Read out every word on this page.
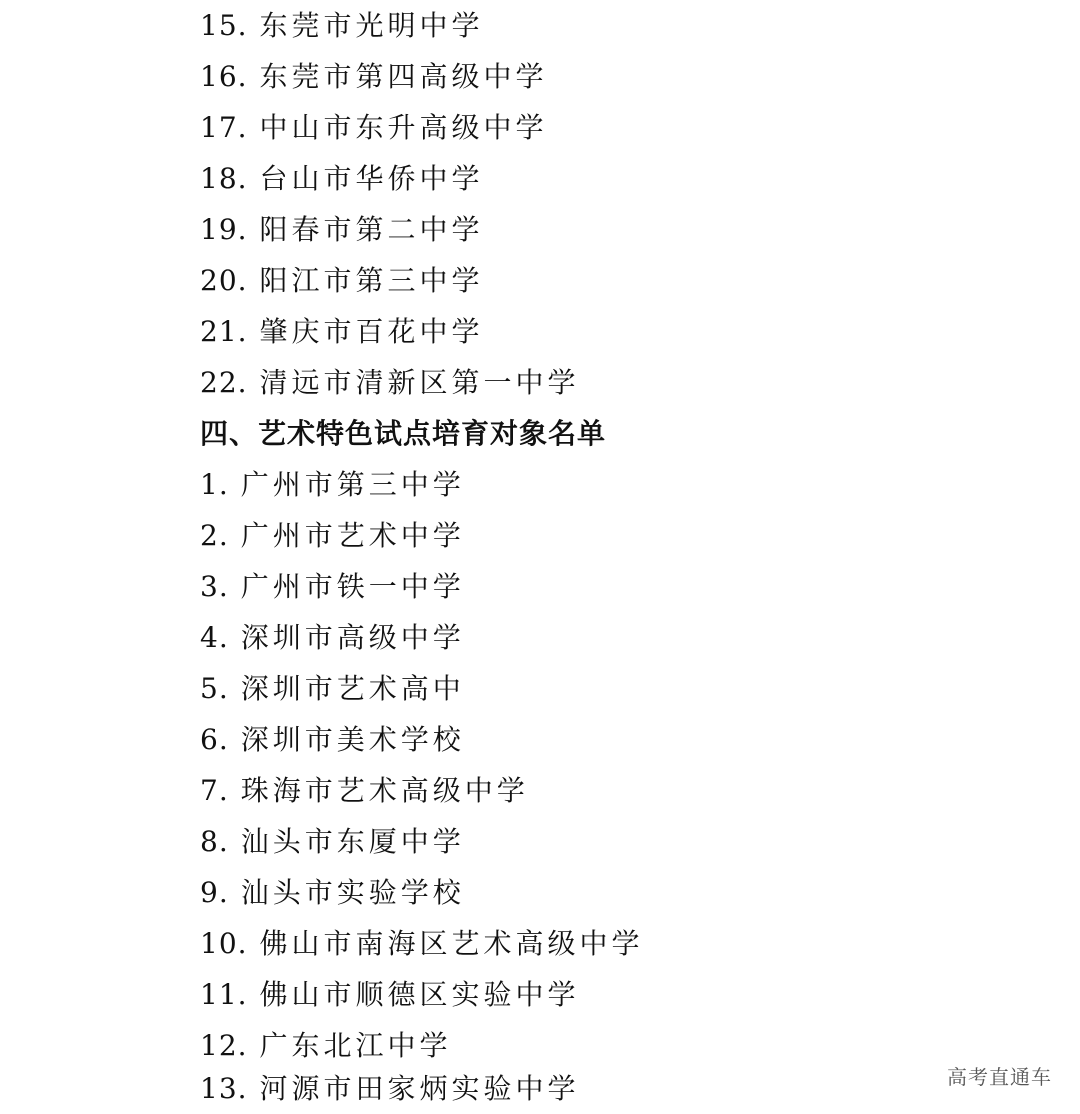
15. 东莞市光明中学
16. 东莞市第四高级中学
17. 中山市东升高级中学
18. 台山市华侨中学
19. 阳春市第二中学
20. 阳江市第三中学
21. 肇庆市百花中学
22. 清远市清新区第一中学
四、艺术特色试点培育对象名单
1. 广州市第三中学
2. 广州市艺术中学
3. 广州市铁一中学
4. 深圳市高级中学
5. 深圳市艺术高中
6. 深圳市美术学校
7. 珠海市艺术高级中学
8. 汕头市东厦中学
9. 汕头市实验学校
10. 佛山市南海区艺术高级中学
11. 佛山市顺德区实验中学
12. 广东北江中学
13. 河源市田家炳实验中学	高考直通车
